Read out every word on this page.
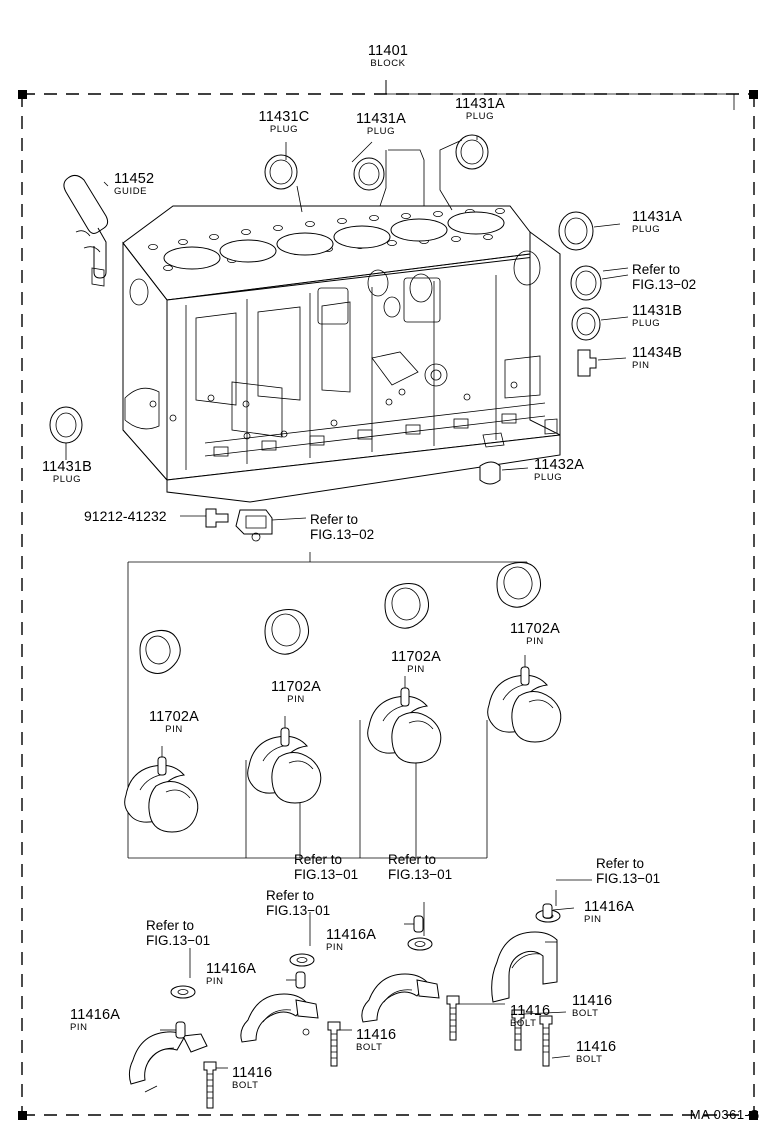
11401
BLOCK
11452
GUIDE
11431C
PLUG
11431A
PLUG
11431A
PLUG
11431A
PLUG
Refer to
FIG.13−02
11431B
PLUG
11434B
PIN
11431B
PLUG
11432A
PLUG
91212-41232	Refer to
FIG.13−02
11702A
PIN
11702A
PIN
11702A
PIN
11702A
PIN
Refer to
FIG.13−01
Refer to
FIG.13−01
Refer to
FIG.13−01
Refer to
FIG.13−01
Refer to
FIG.13−01
11416A
PIN
11416A
PIN
11416A
PIN
11416A
PIN
11416
BOLT
11416
BOLT
11416
BOLT
11416
BOLT
11416
BOLT
MA 0361-G
